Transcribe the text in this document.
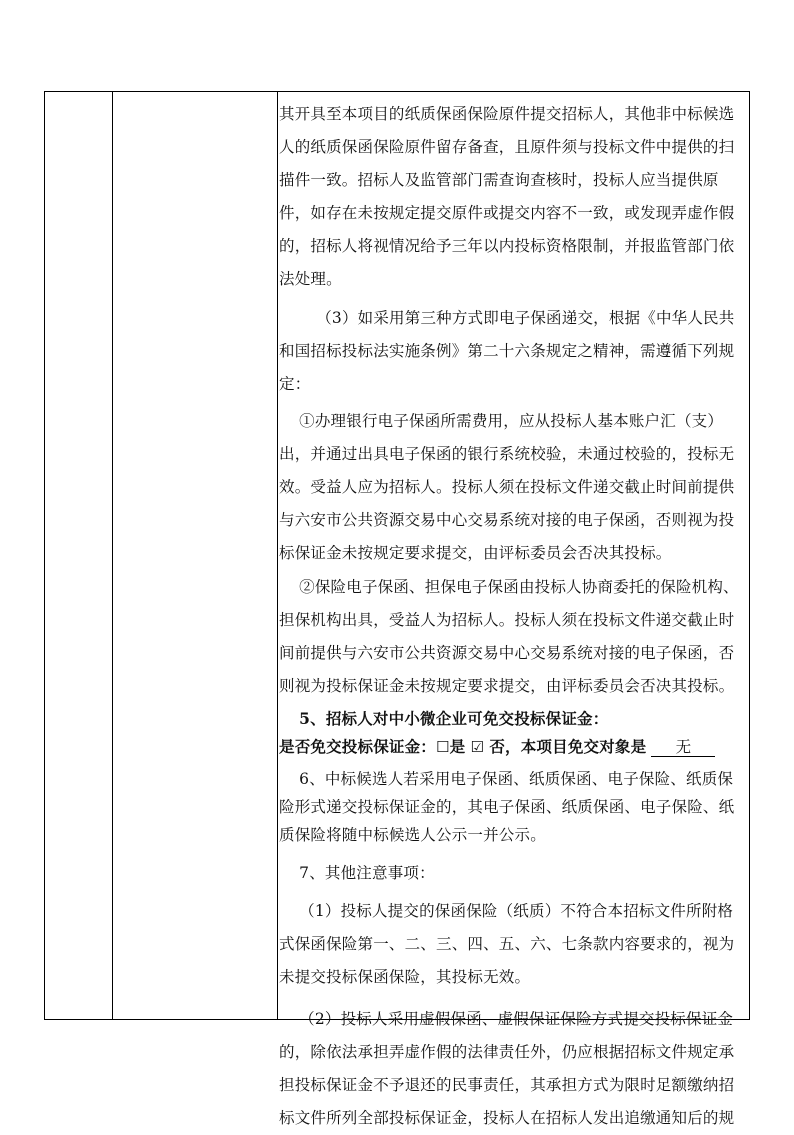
其开具至本项目的纸质保函保险原件提交招标人，其他非中标候选人的纸质保函保险原件留存备查，且原件须与投标文件中提供的扫描件一致。招标人及监管部门需查询查核时，投标人应当提供原件，如存在未按规定提交原件或提交内容不一致，或发现弄虚作假的，招标人将视情况给予三年以内投标资格限制，并报监管部门依法处理。

（3）如采用第三种方式即电子保函递交，根据《中华人民共和国招标投标法实施条例》第二十六条规定之精神，需遵循下列规定：

①办理银行电子保函所需费用，应从投标人基本账户汇（支）出，并通过出具电子保函的银行系统校验，未通过校验的，投标无效。受益人应为招标人。投标人须在投标文件递交截止时间前提供与六安市公共资源交易中心交易系统对接的电子保函，否则视为投标保证金未按规定要求提交，由评标委员会否决其投标。

②保险电子保函、担保电子保函由投标人协商委托的保险机构、担保机构出具，受益人为招标人。投标人须在投标文件递交截止时间前提供与六安市公共资源交易中心交易系统对接的电子保函，否则视为投标保证金未按规定要求提交，由评标委员会否决其投标。

5、招标人对中小微企业可免交投标保证金：

是否免交投标保证金：☐是 ☑ 否，本项目免交对象是 无

6、中标候选人若采用电子保函、纸质保函、电子保险、纸质保险形式递交投标保证金的，其电子保函、纸质保函、电子保险、纸质保险将随中标候选人公示一并公示。

7、其他注意事项：

（1）投标人提交的保函保险（纸质）不符合本招标文件所附格式保函保险第一、二、三、四、五、六、七条款内容要求的，视为未提交投标保函保险，其投标无效。

（2）投标人采用虚假保函、虚假保证保险方式提交投标保证金的，除依法承担弄虚作假的法律责任外，仍应根据招标文件规定承担投标保证金不予退还的民事责任，其承担方式为限时足额缴纳招标文件所列全部投标保证金，投标人在招标人发出追缴通知后的规
